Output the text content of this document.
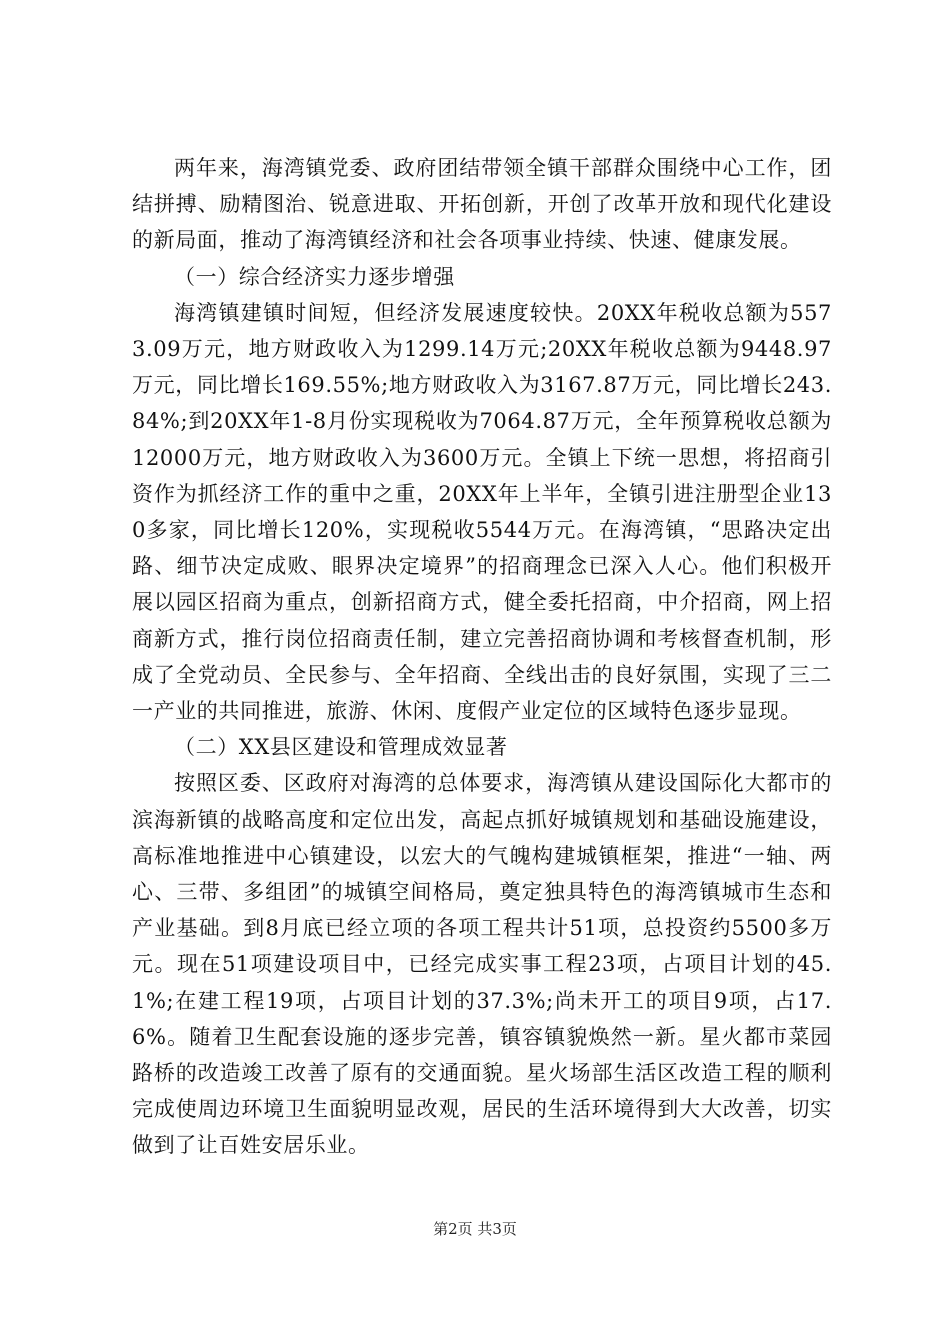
两年来，海湾镇党委、政府团结带领全镇干部群众围绕中心工作，团结拼搏、励精图治、锐意进取、开拓创新，开创了改革开放和现代化建设的新局面，推动了海湾镇经济和社会各项事业持续、快速、健康发展。

（一）综合经济实力逐步增强

海湾镇建镇时间短，但经济发展速度较快。20XX年税收总额为5573.09万元，地方财政收入为1299.14万元;20XX年税收总额为9448.97万元，同比增长169.55%;地方财政收入为3167.87万元，同比增长243.84%;到20XX年1-8月份实现税收为7064.87万元，全年预算税收总额为12000万元，地方财政收入为3600万元。全镇上下统一思想，将招商引资作为抓经济工作的重中之重，20XX年上半年，全镇引进注册型企业130多家，同比增长120%，实现税收5544万元。在海湾镇，“思路决定出路、细节决定成败、眼界决定境界”的招商理念已深入人心。他们积极开展以园区招商为重点，创新招商方式，健全委托招商，中介招商，网上招商新方式，推行岗位招商责任制，建立完善招商协调和考核督查机制，形成了全党动员、全民参与、全年招商、全线出击的良好氛围，实现了三二一产业的共同推进，旅游、休闲、度假产业定位的区域特色逐步显现。

（二）XX县区建设和管理成效显著

按照区委、区政府对海湾的总体要求，海湾镇从建设国际化大都市的滨海新镇的战略高度和定位出发，高起点抓好城镇规划和基础设施建设，高标准地推进中心镇建设，以宏大的气魄构建城镇框架，推进“一轴、两心、三带、多组团”的城镇空间格局，奠定独具特色的海湾镇城市生态和产业基础。到8月底已经立项的各项工程共计51项，总投资约5500多万元。现在51项建设项目中，已经完成实事工程23项，占项目计划的45.1%;在建工程19项，占项目计划的37.3%;尚未开工的项目9项，占17.6%。随着卫生配套设施的逐步完善，镇容镇貌焕然一新。星火都市菜园路桥的改造竣工改善了原有的交通面貌。星火场部生活区改造工程的顺利完成使周边环境卫生面貌明显改观，居民的生活环境得到大大改善，切实做到了让百姓安居乐业。

第2页 共3页
